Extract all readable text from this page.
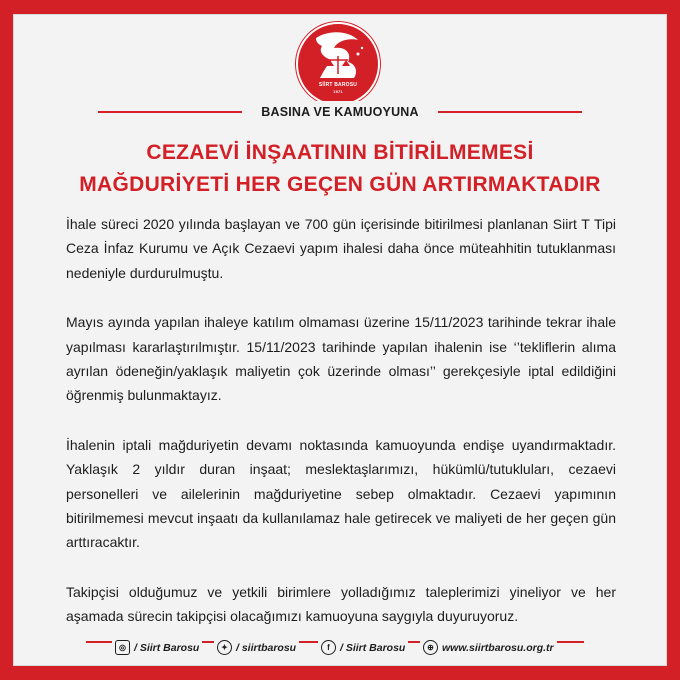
SİİRT BAROSU
1971
BASINA VE KAMUOYUNA
CEZAEVİ İNŞAATININ BİTİRİLMEMESİ
MAĞDURİYETİ HER GEÇEN GÜN ARTIRMAKTADIR

İhale süreci 2020 yılında başlayan ve 700 gün içerisinde bitirilmesi planlanan Siirt T Tipi Ceza İnfaz Kurumu ve Açık Cezaevi yapım ihalesi daha önce müteahhitin tutuklanması nedeniyle durdurulmuştu.

Mayıs ayında yapılan ihaleye katılım olmaması üzerine 15/11/2023 tarihinde tekrar ihale yapılması kararlaştırılmıştır. 15/11/2023 tarihinde yapılan ihalenin ise ‘’tekliflerin alıma ayrılan ödeneğin/yaklaşık maliyetin çok üzerinde olması’’ gerekçesiyle iptal edildiğini öğrenmiş bulunmaktayız.

İhalenin iptali mağduriyetin devamı noktasında kamuoyunda endişe uyandırmaktadır. Yaklaşık 2 yıldır duran inşaat; meslektaşlarımızı, hükümlü/tutukluları, cezaevi personelleri ve ailelerinin mağduriyetine sebep olmaktadır. Cezaevi yapımının bitirilmemesi mevcut inşaatı da kullanılamaz hale getirecek ve maliyeti de her geçen gün arttıracaktır.

Takipçisi olduğumuz ve yetkili birimlere yolladığımız taleplerimizi yineliyor ve her aşamada sürecin takipçisi olacağımızı kamuoyuna saygıyla duyuruyoruz.

◎ / Siirt Barosu	✦ / siirtbarosu	f / Siirt Barosu	⊕ www.siirtbarosu.org.tr
